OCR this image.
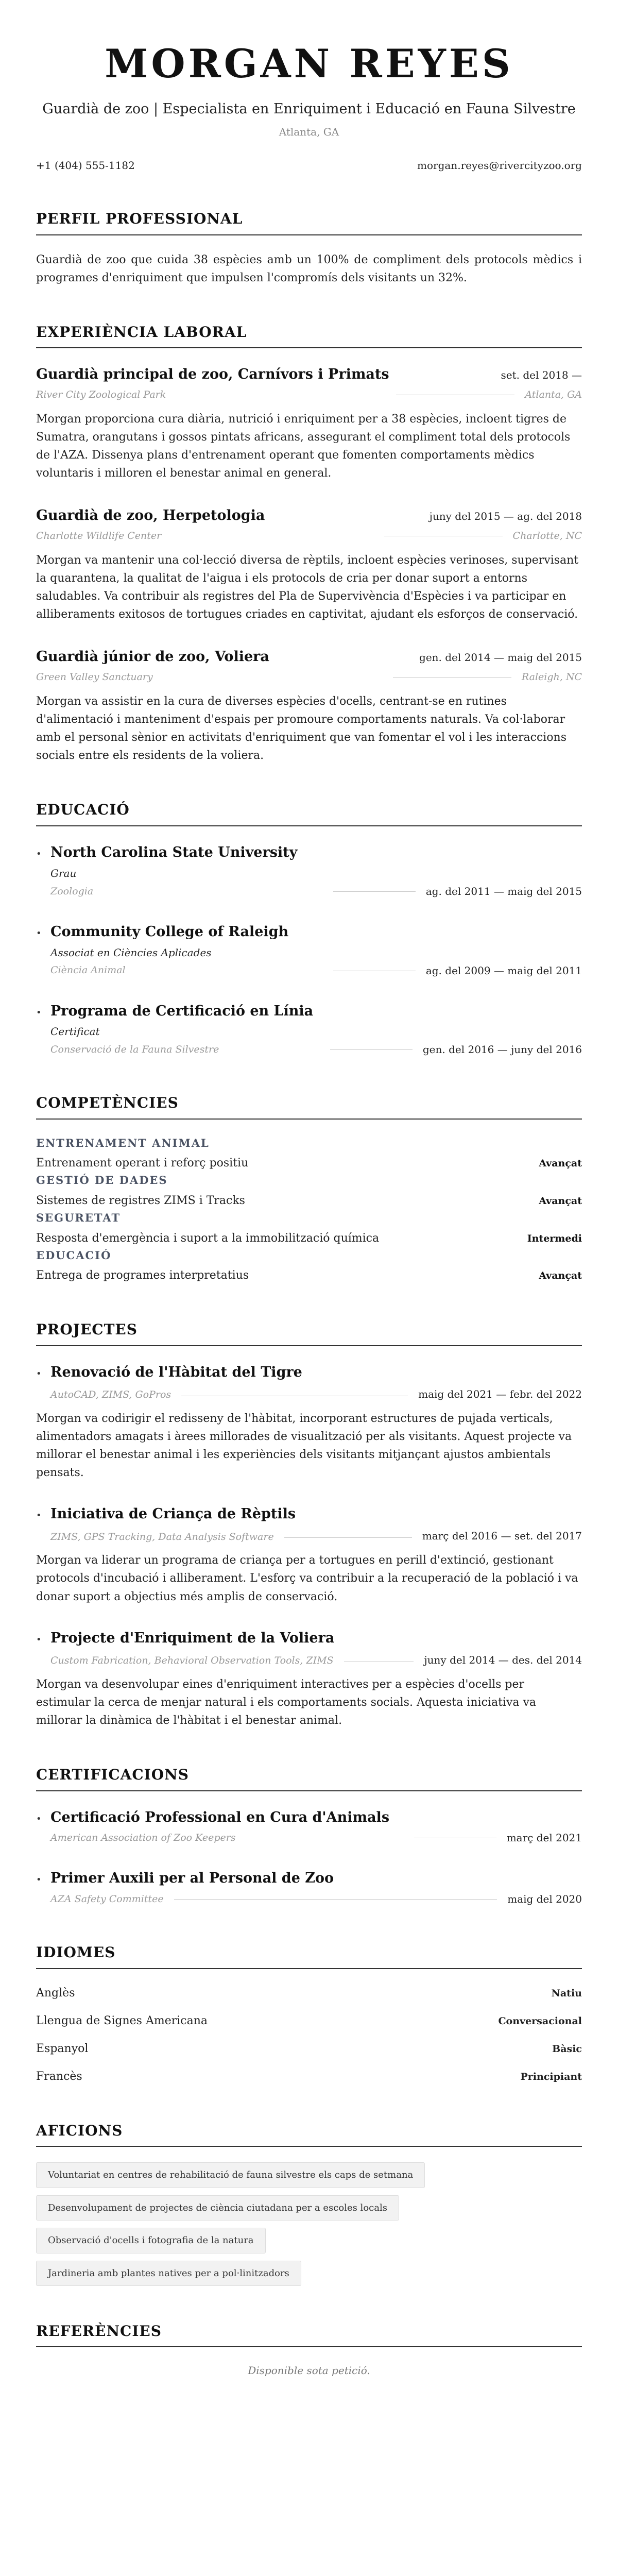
MORGAN REYES
Guardià de zoo | Especialista en Enriquiment i Educació en Fauna Silvestre
Atlanta, GA
+1 (404) 555-1182	morgan.reyes@rivercityzoo.org
PERFIL PROFESSIONAL
Guardià de zoo que cuida 38 espècies amb un 100% de compliment dels protocols mèdics i programes d'enriquiment que impulsen l'compromís dels visitants un 32%.
EXPERIÈNCIA LABORAL
Guardià principal de zoo, Carnívors i Primats	set. del 2018 —
River City Zoological Park	Atlanta, GA
Morgan proporciona cura diària, nutrició i enriquiment per a 38 espècies, incloent tigres de Sumatra, orangutans i gossos pintats africans, assegurant el compliment total dels protocols de l'AZA. Dissenya plans d'entrenament operant que fomenten comportaments mèdics voluntaris i milloren el benestar animal en general.
Guardià de zoo, Herpetologia	juny del 2015 — ag. del 2018
Charlotte Wildlife Center	Charlotte, NC
Morgan va mantenir una col·lecció diversa de rèptils, incloent espècies verinoses, supervisant la quarantena, la qualitat de l'aigua i els protocols de cria per donar suport a entorns saludables. Va contribuir als registres del Pla de Supervivència d'Espècies i va participar en alliberaments exitosos de tortugues criades en captivitat, ajudant els esforços de conservació.
Guardià júnior de zoo, Voliera	gen. del 2014 — maig del 2015
Green Valley Sanctuary	Raleigh, NC
Morgan va assistir en la cura de diverses espècies d'ocells, centrant-se en rutines d'alimentació i manteniment d'espais per promoure comportaments naturals. Va col·laborar amb el personal sènior en activitats d'enriquiment que van fomentar el vol i les interaccions socials entre els residents de la voliera.
EDUCACIÓ
• North Carolina State University
Grau
Zoologia	ag. del 2011 — maig del 2015
• Community College of Raleigh
Associat en Ciències Aplicades
Ciència Animal	ag. del 2009 — maig del 2011
• Programa de Certificació en Línia
Certificat
Conservació de la Fauna Silvestre	gen. del 2016 — juny del 2016
COMPETÈNCIES
ENTRENAMENT ANIMAL
Entrenament operant i reforç positiu	Avançat
GESTIÓ DE DADES
Sistemes de registres ZIMS i Tracks	Avançat
SEGURETAT
Resposta d'emergència i suport a la immobilització química	Intermedi
EDUCACIÓ
Entrega de programes interpretatius	Avançat
PROJECTES
• Renovació de l'Hàbitat del Tigre
AutoCAD, ZIMS, GoPros	maig del 2021 — febr. del 2022
Morgan va codirigir el redisseny de l'hàbitat, incorporant estructures de pujada verticals, alimentadors amagats i àrees millorades de visualització per als visitants. Aquest projecte va millorar el benestar animal i les experiències dels visitants mitjançant ajustos ambientals pensats.
• Iniciativa de Criança de Rèptils
ZIMS, GPS Tracking, Data Analysis Software	març del 2016 — set. del 2017
Morgan va liderar un programa de criança per a tortugues en perill d'extinció, gestionant protocols d'incubació i alliberament. L'esforç va contribuir a la recuperació de la població i va donar suport a objectius més amplis de conservació.
• Projecte d'Enriquiment de la Voliera
Custom Fabrication, Behavioral Observation Tools, ZIMS	juny del 2014 — des. del 2014
Morgan va desenvolupar eines d'enriquiment interactives per a espècies d'ocells per estimular la cerca de menjar natural i els comportaments socials. Aquesta iniciativa va millorar la dinàmica de l'hàbitat i el benestar animal.
CERTIFICACIONS
• Certificació Professional en Cura d'Animals
American Association of Zoo Keepers	març del 2021
• Primer Auxili per al Personal de Zoo
AZA Safety Committee	maig del 2020
IDIOMES
Anglès	Natiu
Llengua de Signes Americana	Conversacional
Espanyol	Bàsic
Francès	Principiant
AFICIONS
Voluntariat en centres de rehabilitació de fauna silvestre els caps de setmana
Desenvolupament de projectes de ciència ciutadana per a escoles locals
Observació d'ocells i fotografia de la natura
Jardineria amb plantes natives per a pol·linitzadors
REFERÈNCIES
Disponible sota petició.
